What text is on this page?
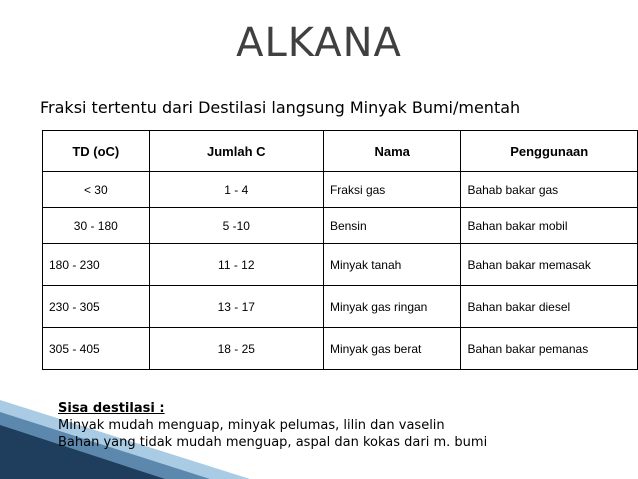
ALKANA
Fraksi tertentu dari Destilasi langsung Minyak Bumi/mentah
TD (oC)	Jumlah C	Nama	Penggunaan
< 30	1 - 4	Fraksi gas	Bahab bakar gas
30 - 180	5 -10	Bensin	Bahan bakar mobil
180 - 230	11 - 12	Minyak tanah	Bahan bakar memasak
230 - 305	13 - 17	Minyak gas ringan	Bahan bakar diesel
305 - 405	18 - 25	Minyak gas berat	Bahan bakar pemanas
Sisa destilasi :
Minyak mudah menguap, minyak pelumas, lilin dan vaselin
Bahan yang tidak mudah menguap, aspal dan kokas dari m. bumi
